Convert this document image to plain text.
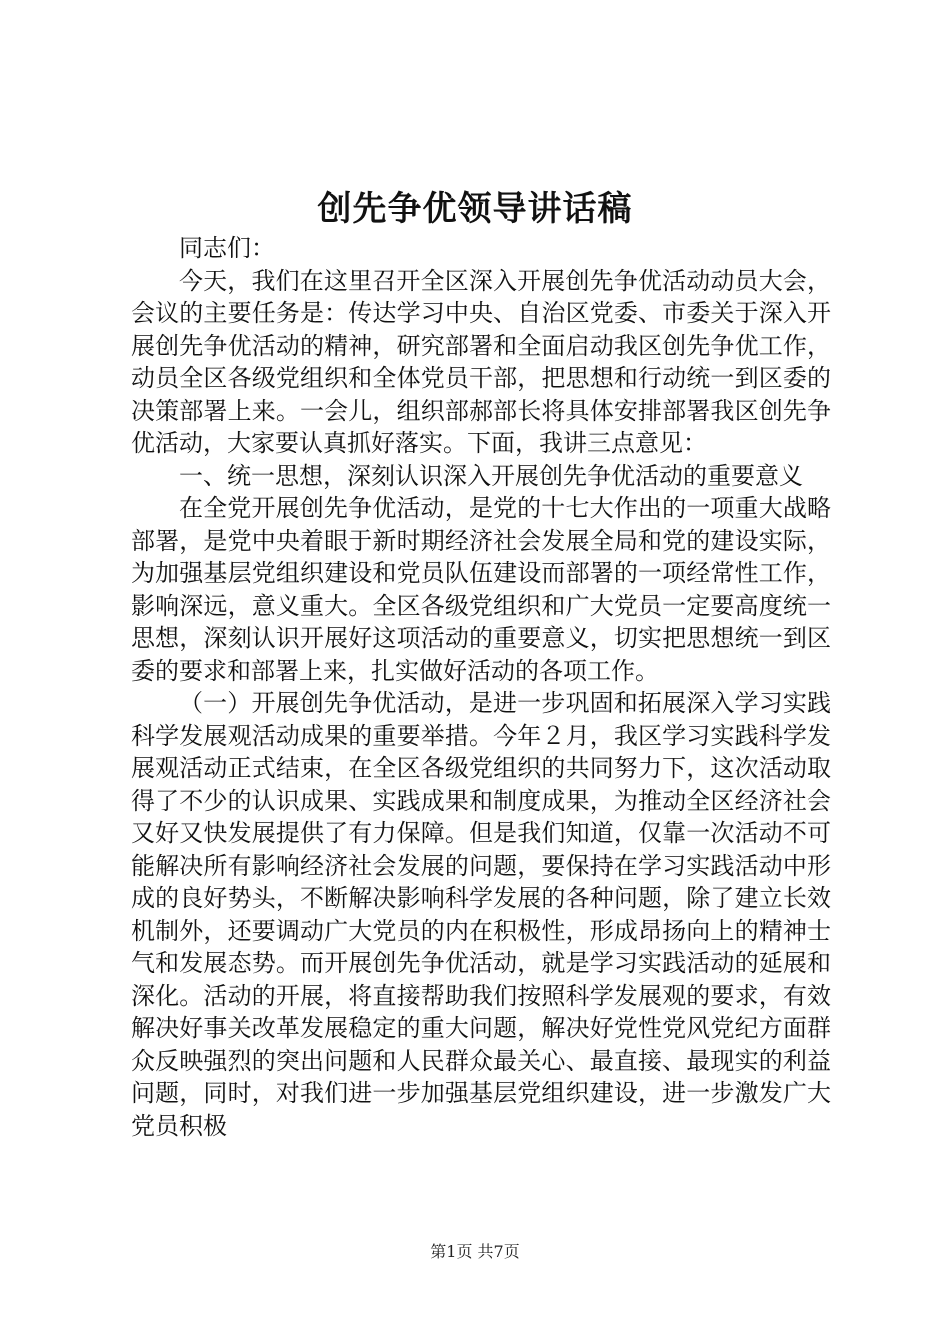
创先争优领导讲话稿

同志们：

今天，我们在这里召开全区深入开展创先争优活动动员大会，会议的主要任务是：传达学习中央、自治区党委、市委关于深入开展创先争优活动的精神，研究部署和全面启动我区创先争优工作，动员全区各级党组织和全体党员干部，把思想和行动统一到区委的决策部署上来。一会儿，组织部郝部长将具体安排部署我区创先争优活动，大家要认真抓好落实。下面，我讲三点意见：

一、统一思想，深刻认识深入开展创先争优活动的重要意义

在全党开展创先争优活动，是党的十七大作出的一项重大战略部署，是党中央着眼于新时期经济社会发展全局和党的建设实际，为加强基层党组织建设和党员队伍建设而部署的一项经常性工作，影响深远，意义重大。全区各级党组织和广大党员一定要高度统一思想，深刻认识开展好这项活动的重要意义，切实把思想统一到区委的要求和部署上来，扎实做好活动的各项工作。

（一）开展创先争优活动，是进一步巩固和拓展深入学习实践科学发展观活动成果的重要举措。今年２月，我区学习实践科学发展观活动正式结束，在全区各级党组织的共同努力下，这次活动取得了不少的认识成果、实践成果和制度成果，为推动全区经济社会又好又快发展提供了有力保障。但是我们知道，仅靠一次活动不可能解决所有影响经济社会发展的问题，要保持在学习实践活动中形成的良好势头，不断解决影响科学发展的各种问题，除了建立长效机制外，还要调动广大党员的内在积极性，形成昂扬向上的精神士气和发展态势。而开展创先争优活动，就是学习实践活动的延展和深化。活动的开展，将直接帮助我们按照科学发展观的要求，有效解决好事关改革发展稳定的重大问题，解决好党性党风党纪方面群众反映强烈的突出问题和人民群众最关心、最直接、最现实的利益问题，同时，对我们进一步加强基层党组织建设，进一步激发广大党员积极

第1页 共7页
